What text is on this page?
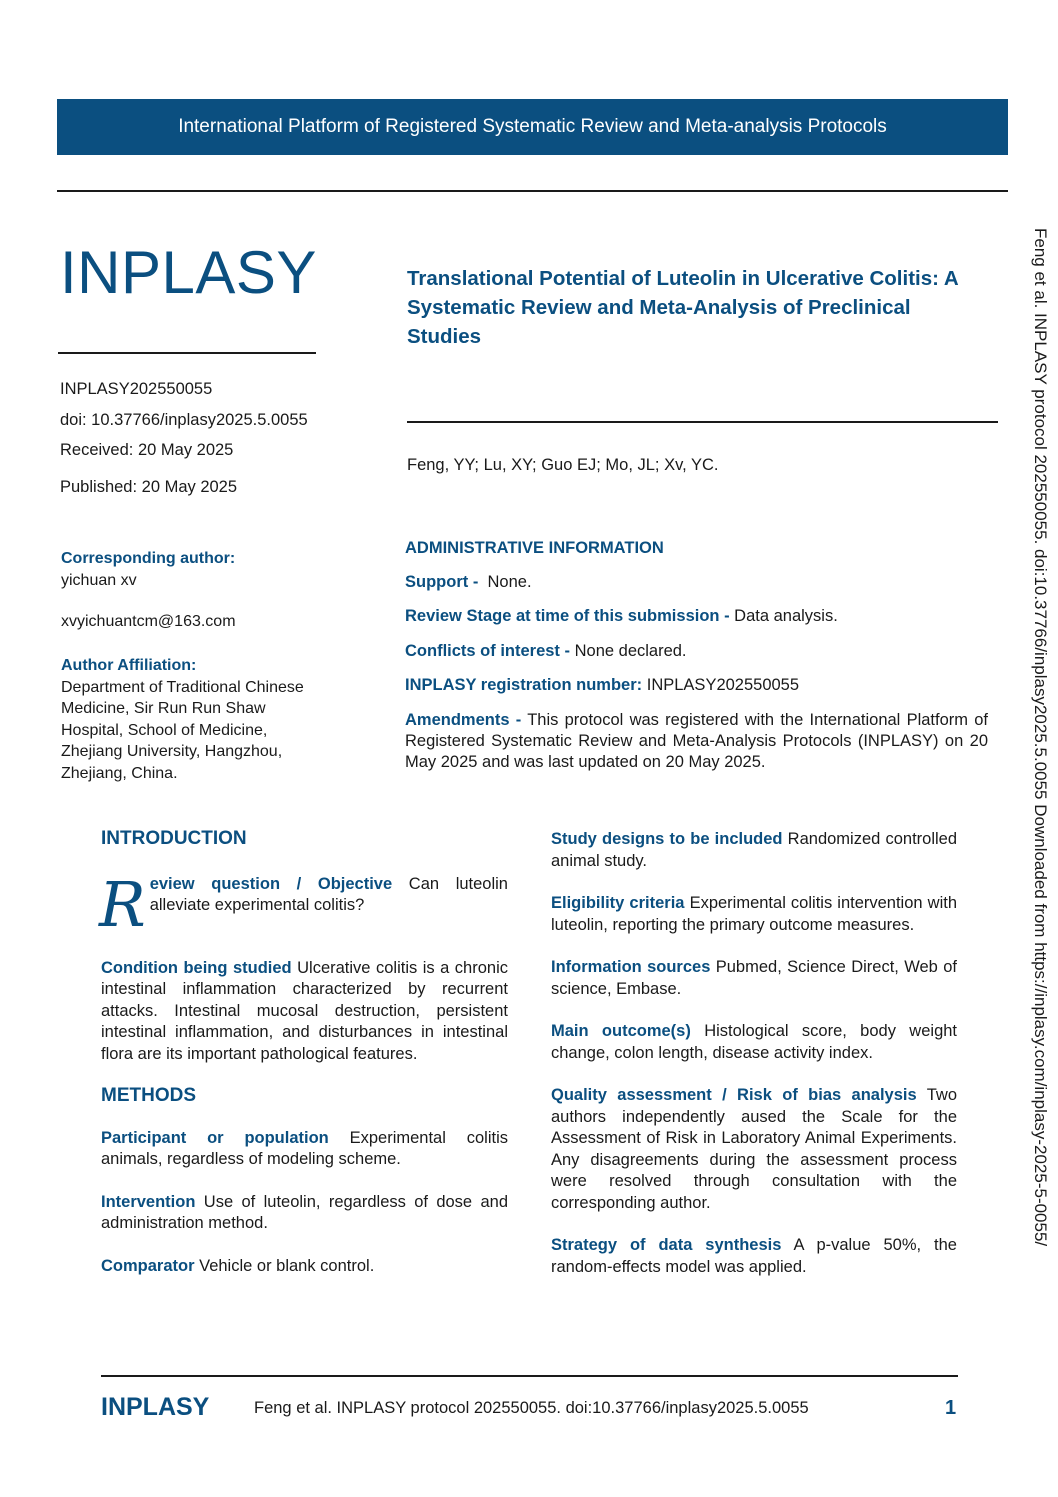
International Platform of Registered Systematic Review and Meta-analysis Protocols
INPLASY	Translational Potential of Luteolin in Ulcerative Colitis: A Systematic Review and Meta-Analysis of Preclinical Studies
INPLASY202550055
doi: 10.37766/inplasy2025.5.0055
Received: 20 May 2025
Published: 20 May 2025
Feng, YY; Lu, XY; Guo EJ; Mo, JL; Xv, YC.
Corresponding author:
yichuan xv
xvyichuantcm@163.com
Author Affiliation:
Department of Traditional Chinese
Medicine, Sir Run Run Shaw
Hospital, School of Medicine,
Zhejiang University, Hangzhou,
Zhejiang, China.
ADMINISTRATIVE INFORMATION
Support - None.
Review Stage at time of this submission - Data analysis.
Conflicts of interest - None declared.
INPLASY registration number: INPLASY202550055
Amendments - This protocol was registered with the International Platform of Registered Systematic Review and Meta-Analysis Protocols (INPLASY) on 20 May 2025 and was last updated on 20 May 2025.
INTRODUCTION
R eview question / Objective Can luteolin alleviate experimental colitis?
Condition being studied Ulcerative colitis is a chronic intestinal inflammation characterized by recurrent attacks. Intestinal mucosal destruction, persistent intestinal inflammation, and disturbances in intestinal flora are its important pathological features.
METHODS
Participant or population Experimental colitis animals, regardless of modeling scheme.
Intervention Use of luteolin, regardless of dose and administration method.
Comparator Vehicle or blank control.
Study designs to be included Randomized controlled animal study.
Eligibility criteria Experimental colitis intervention with luteolin, reporting the primary outcome measures.
Information sources Pubmed, Science Direct, Web of science, Embase.
Main outcome(s) Histological score, body weight change, colon length, disease activity index.
Quality assessment / Risk of bias analysis Two authors independently aused the Scale for the Assessment of Risk in Laboratory Animal Experiments. Any disagreements during the assessment process were resolved through consultation with the corresponding author.
Strategy of data synthesis A p-value 50%, the random-effects model was applied.
Feng et al. INPLASY protocol 202550055. doi:10.37766/inplasy2025.5.0055 Downloaded from https://inplasy.com/inplasy-2025-5-0055/
INPLASY	Feng et al. INPLASY protocol 202550055. doi:10.37766/inplasy2025.5.0055	1
